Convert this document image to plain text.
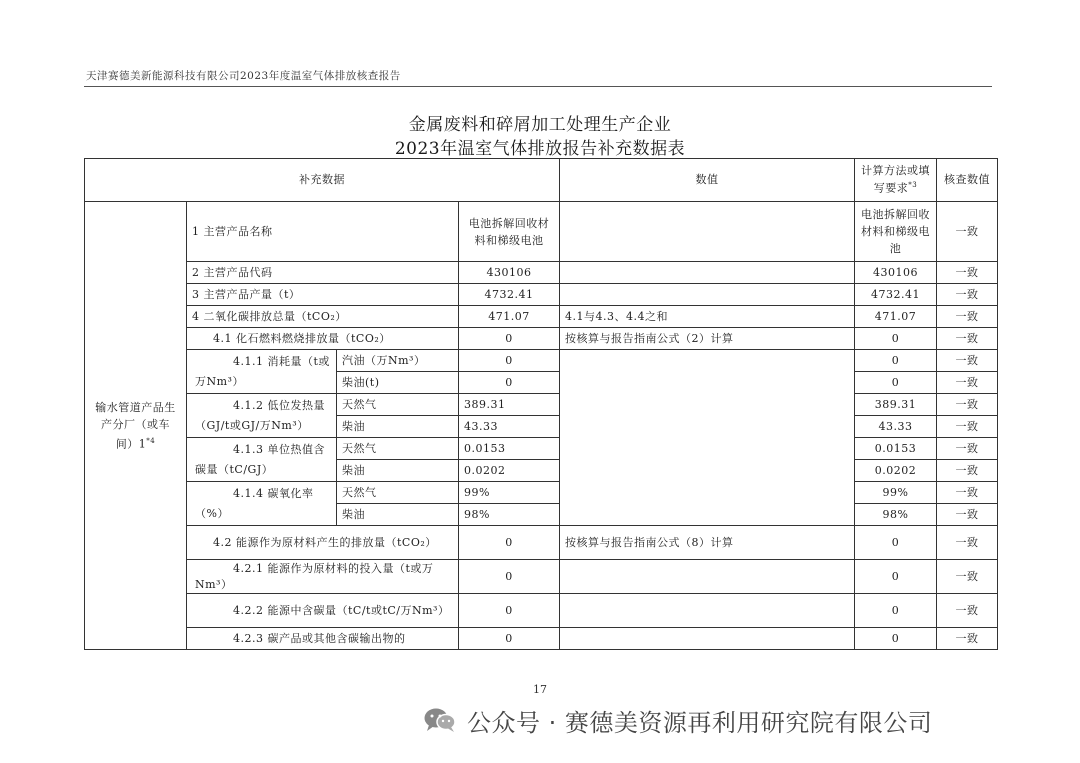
天津赛德美新能源科技有限公司2023年度温室气体排放核查报告
金属废料和碎屑加工处理生产企业
2023年温室气体排放报告补充数据表
补充数据				数值	计算方法或填写要求$^{*3}$	核查数值	
输水管道产品生产分厂（或车间）1$^{*4}$	1 主营产品名称		电池拆解回收材料和梯级电池		电池拆解回收材料和梯级电池	一致	
	2 主营产品代码		430106		430106	一致	
	3 主营产品产量（t）		4732.41		4732.41	一致	
	4 二氧化碳排放总量（tCO₂）		471.07	4.1与4.3、4.4之和	471.07	一致	
	4.1 化石燃料燃烧排放量（tCO₂）		0	按核算与报告指南公式（2）计算	0	一致	
	4.1.1 消耗量（t或万Nm³）	汽油（万Nm³）	0		0	一致	
		柴油(t)	0		0	一致	
	4.1.2 低位发热量（GJ/t或GJ/万Nm³）	天然气	389.31		389.31	一致	
		柴油	43.33		43.33	一致	
	4.1.3 单位热值含碳量（tC/GJ）	天然气	0.0153		0.0153	一致	
		柴油	0.0202		0.0202	一致	
	4.1.4 碳氧化率（%）	天然气	99%		99%	一致	
		柴油	98%		98%	一致	
	4.2 能源作为原材料产生的排放量（tCO₂）		0	按核算与报告指南公式（8）计算	0	一致	
	4.2.1 能源作为原材料的投入量（t或万Nm³）		0		0	一致	
	4.2.2 能源中含碳量（tC/t或tC/万Nm³）		0		0	一致	
	4.2.3 碳产品或其他含碳输出物的		0		0	一致	
17
公众号 · 赛德美资源再利用研究院有限公司
